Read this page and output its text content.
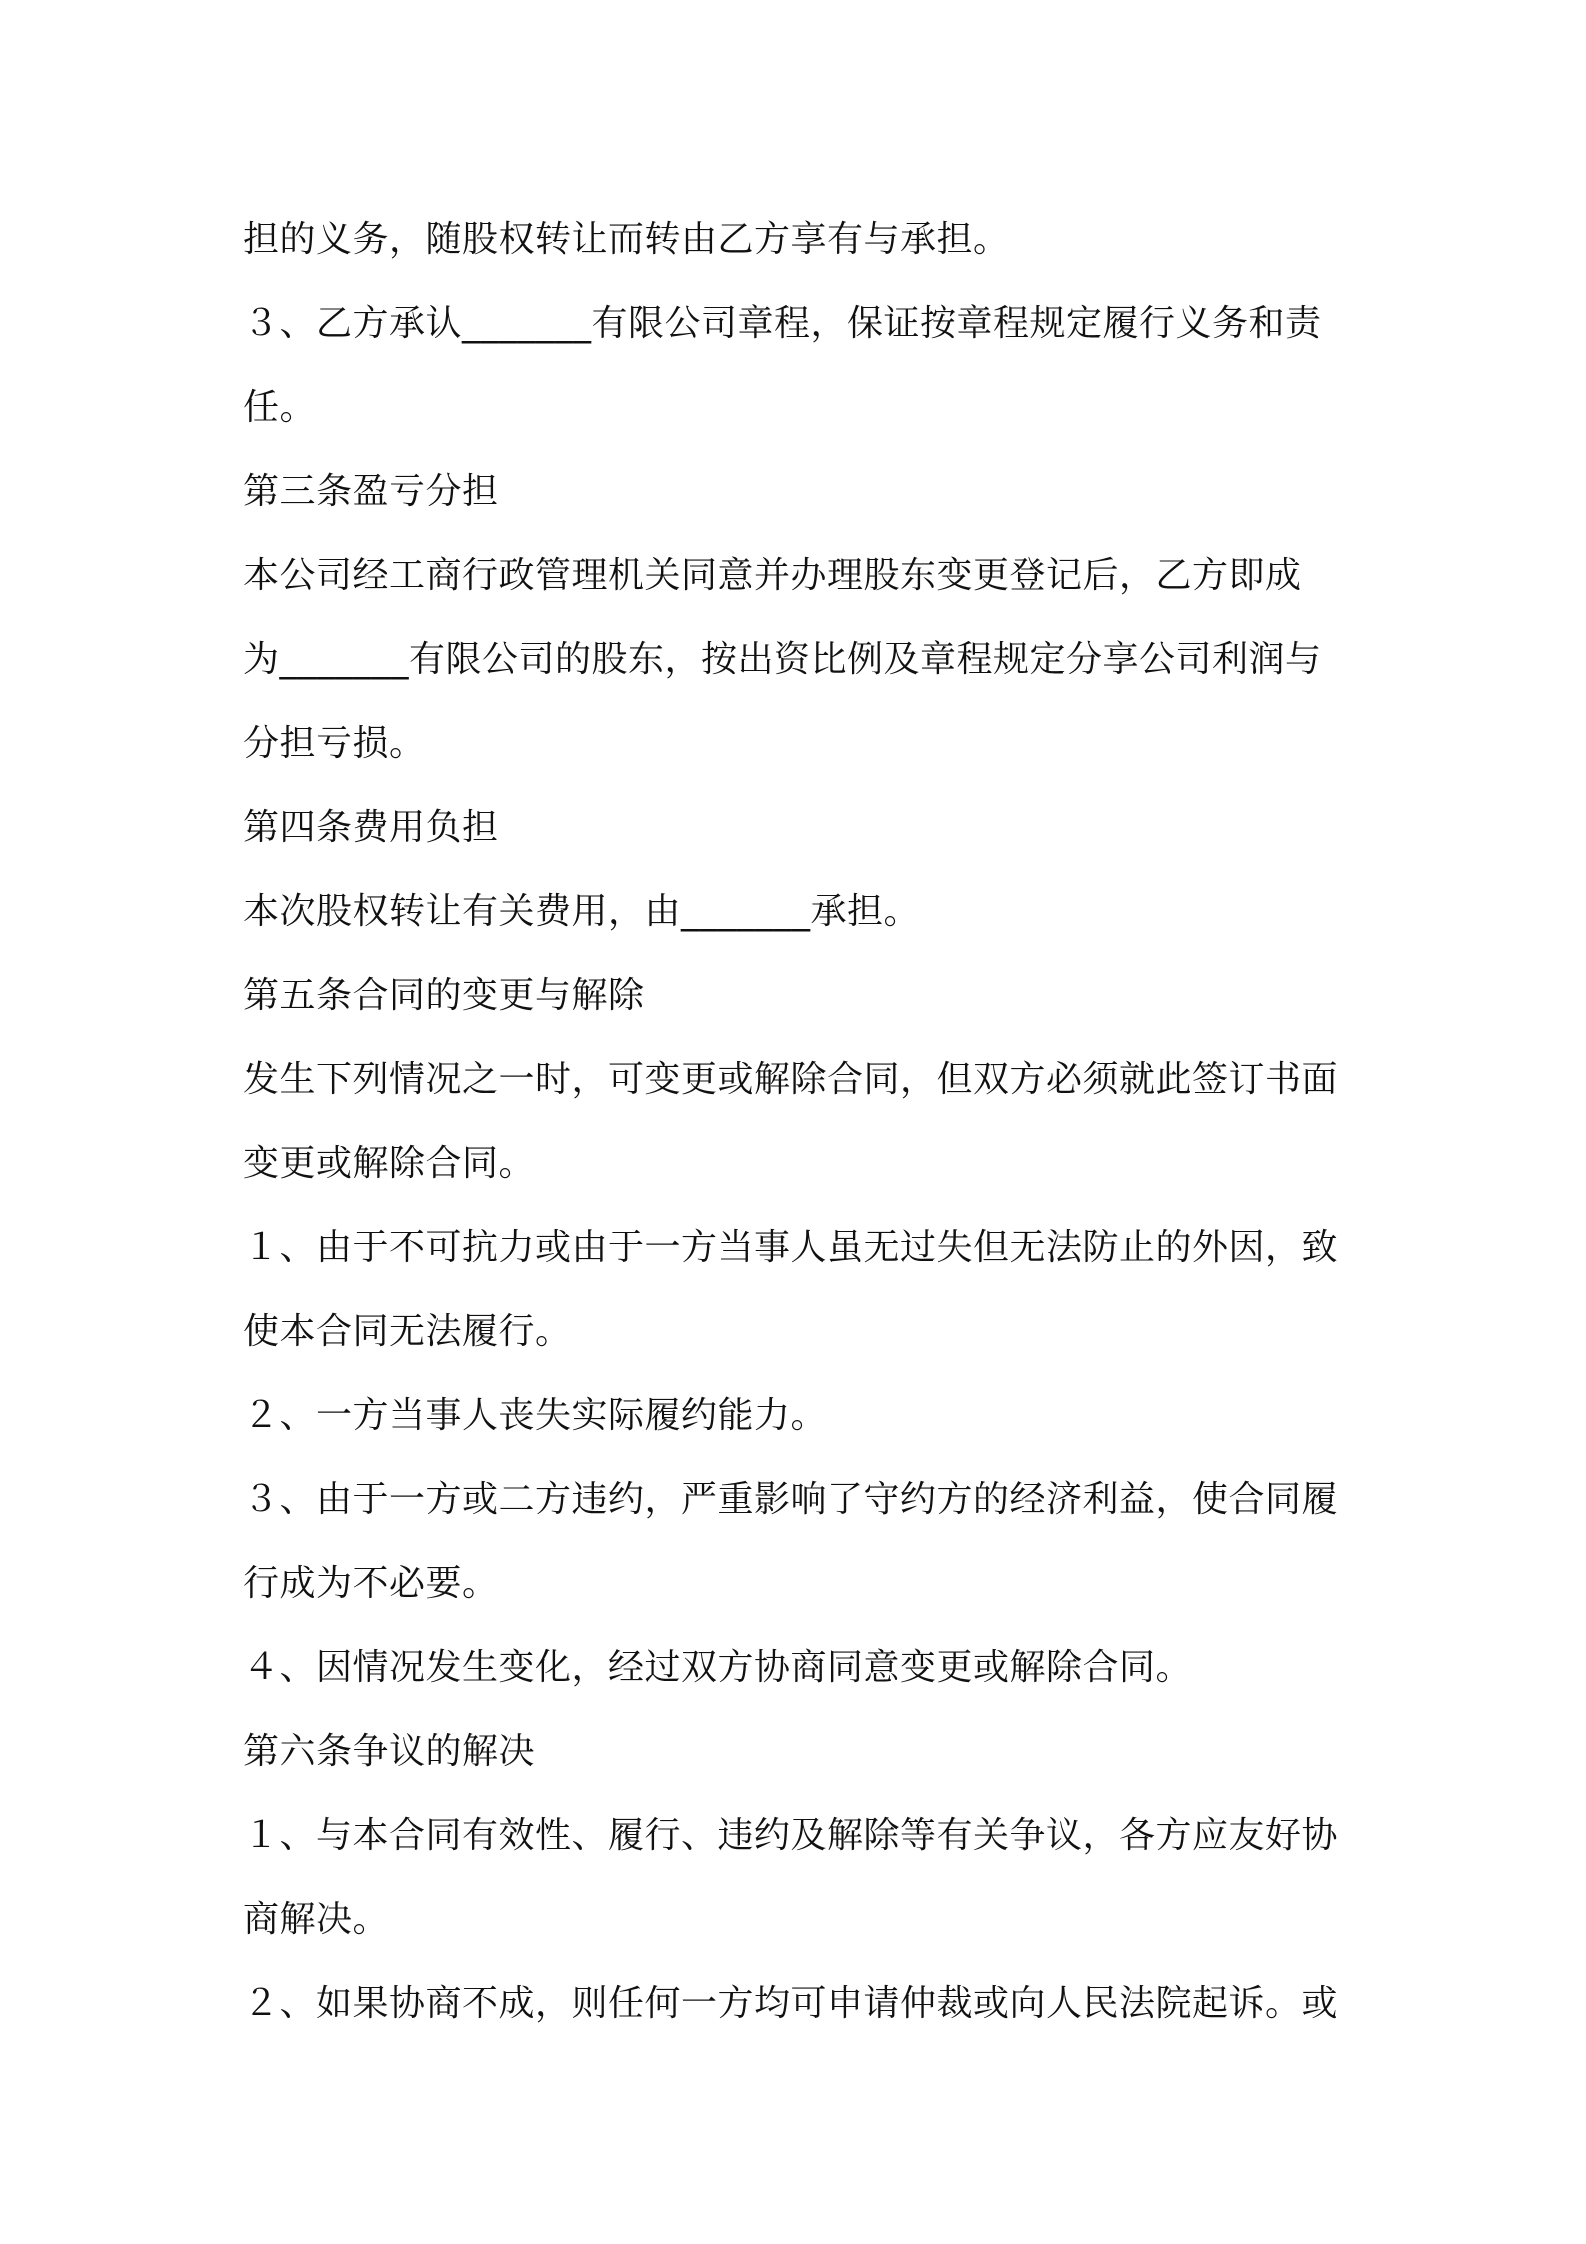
担的义务，随股权转让而转由乙方享有与承担。
３、乙方承认_______有限公司章程，保证按章程规定履行义务和责
任。
第三条盈亏分担
本公司经工商行政管理机关同意并办理股东变更登记后，乙方即成
为_______有限公司的股东，按出资比例及章程规定分享公司利润与
分担亏损。
第四条费用负担
本次股权转让有关费用，由_______承担。
第五条合同的变更与解除
发生下列情况之一时，可变更或解除合同，但双方必须就此签订书面
变更或解除合同。
１、由于不可抗力或由于一方当事人虽无过失但无法防止的外因，致
使本合同无法履行。
２、一方当事人丧失实际履约能力。
３、由于一方或二方违约，严重影响了守约方的经济利益，使合同履
行成为不必要。
４、因情况发生变化，经过双方协商同意变更或解除合同。
第六条争议的解决
１、与本合同有效性、履行、违约及解除等有关争议，各方应友好协
商解决。
２、如果协商不成，则任何一方均可申请仲裁或向人民法院起诉。或
